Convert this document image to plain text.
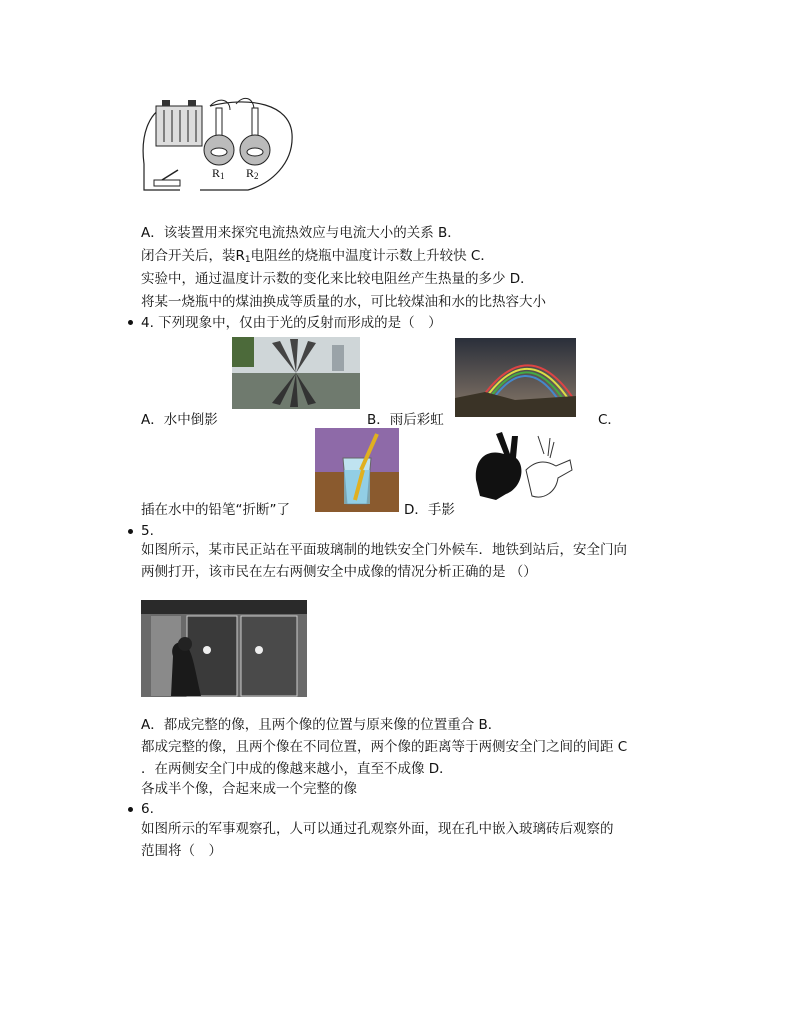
$R_1$ $R_2$
A．该装置用来探究电流热效应与电流大小的关系 B．
闭合开关后，装$R_1$电阻丝的烧瓶中温度计示数上升较快 C．
实验中，通过温度计示数的变化来比较电阻丝产生热量的多少 D．
将某一烧瓶中的煤油换成等质量的水，可比较煤油和水的比热容大小
4. 下列现象中，仅由于光的反射而形成的是（　）
A．水中倒影	B．雨后彩虹	C．
插在水中的铅笔“折断”了	D．手影
5.
如图所示，某市民正站在平面玻璃制的地铁安全门外候车．地铁到站后，安全门向
两侧打开，该市民在左右两侧安全中成像的情况分析正确的是 （）
A．都成完整的像，且两个像的位置与原来像的位置重合 B．
都成完整的像，且两个像在不同位置，两个像的距离等于两侧安全门之间的间距 C
．在两侧安全门中成的像越来越小，直至不成像 D．
各成半个像，合起来成一个完整的像
6.
如图所示的军事观察孔，人可以通过孔观察外面，现在孔中嵌入玻璃砖后观察的
范围将（　）
